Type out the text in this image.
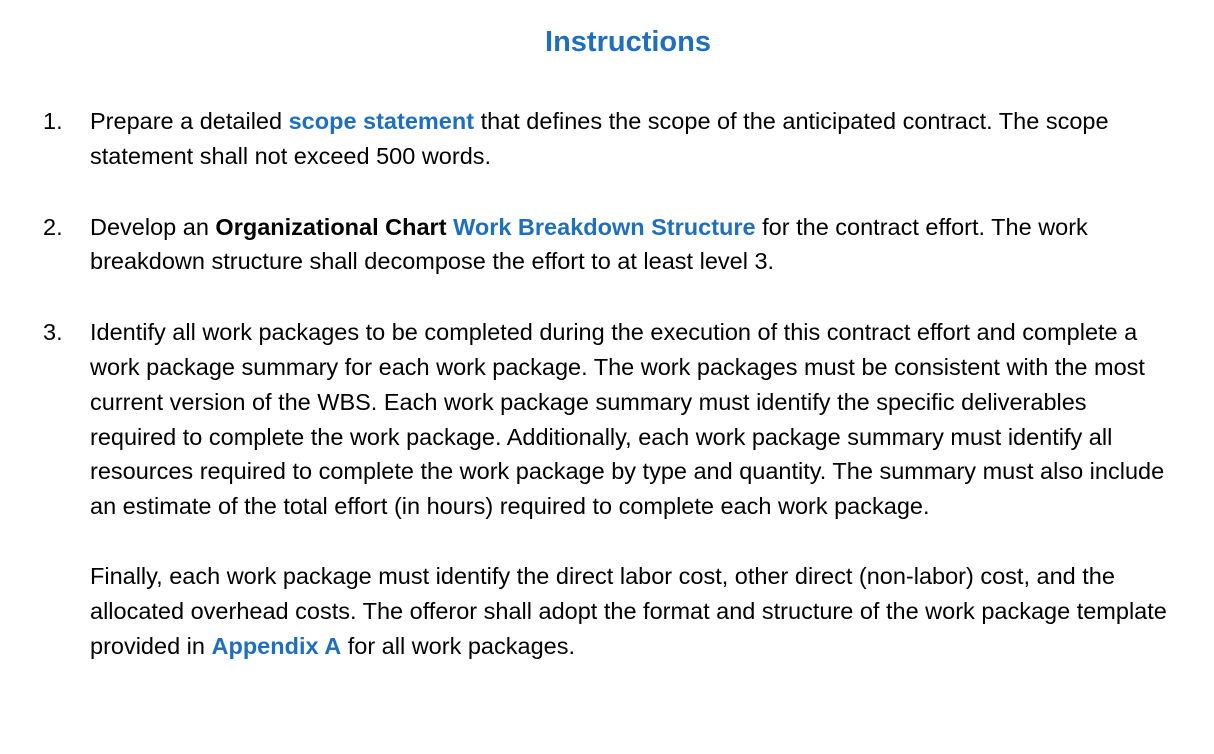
Instructions
1. Prepare a detailed scope statement that defines the scope of the anticipated contract. The scope statement shall not exceed 500 words.
2. Develop an Organizational Chart Work Breakdown Structure for the contract effort. The work breakdown structure shall decompose the effort to at least level 3.
3. Identify all work packages to be completed during the execution of this contract effort and complete a work package summary for each work package. The work packages must be consistent with the most current version of the WBS. Each work package summary must identify the specific deliverables required to complete the work package. Additionally, each work package summary must identify all resources required to complete the work package by type and quantity. The summary must also include an estimate of the total effort (in hours) required to complete each work package.
Finally, each work package must identify the direct labor cost, other direct (non-labor) cost, and the allocated overhead costs. The offeror shall adopt the format and structure of the work package template provided in Appendix A for all work packages.
